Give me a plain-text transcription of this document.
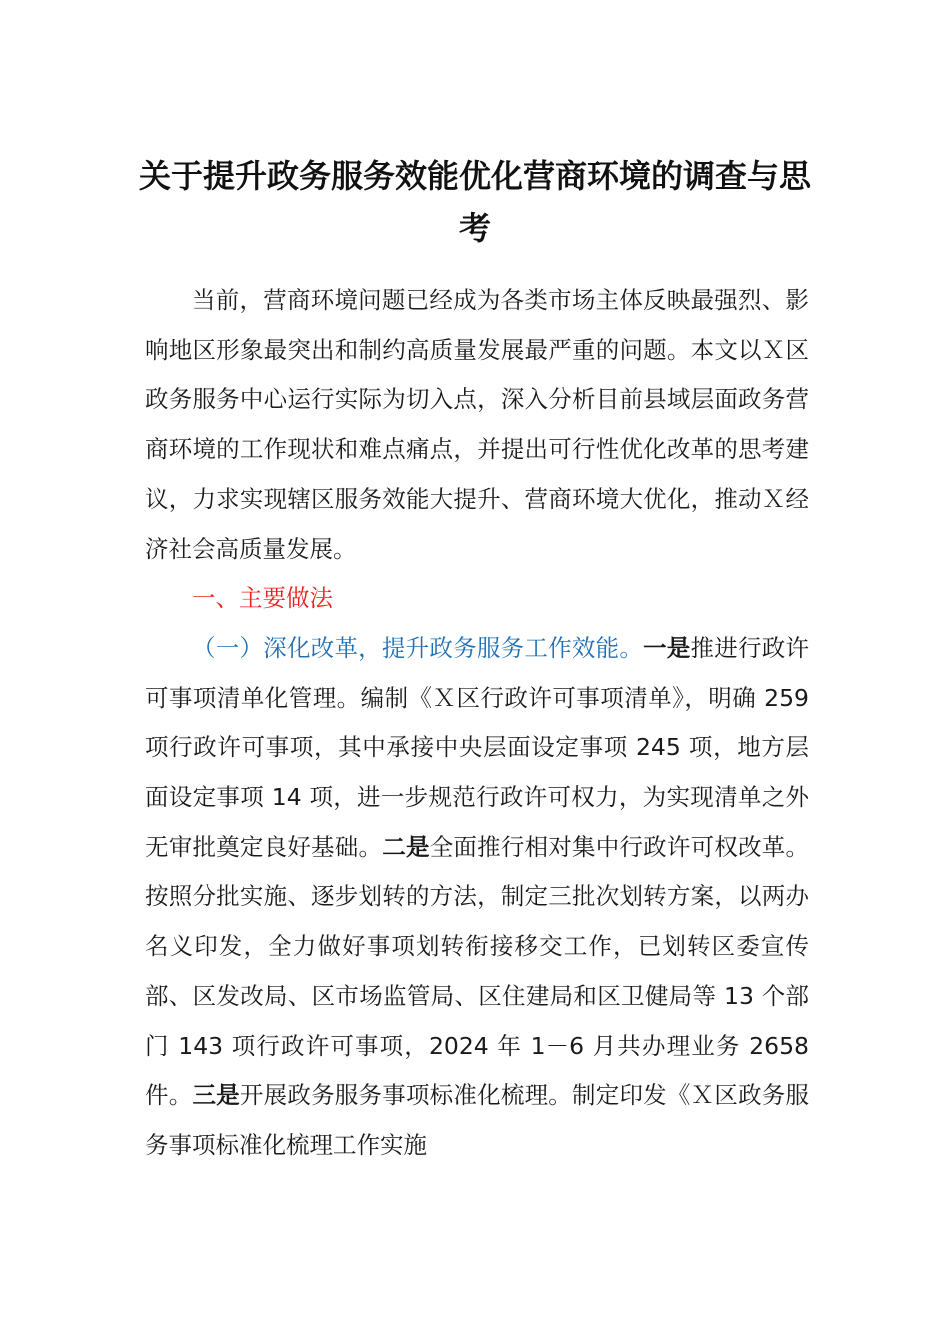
关于提升政务服务效能优化营商环境的调查与思考

当前，营商环境问题已经成为各类市场主体反映最强烈、影响地区形象最突出和制约高质量发展最严重的问题。本文以Ｘ区政务服务中心运行实际为切入点，深入分析目前县域层面政务营商环境的工作现状和难点痛点，并提出可行性优化改革的思考建议，力求实现辖区服务效能大提升、营商环境大优化，推动Ｘ经济社会高质量发展。

一、主要做法

（一）深化改革，提升政务服务工作效能。一是推进行政许可事项清单化管理。编制《Ｘ区行政许可事项清单》，明确 259 项行政许可事项，其中承接中央层面设定事项 245 项，地方层面设定事项 14 项，进一步规范行政许可权力，为实现清单之外无审批奠定良好基础。二是全面推行相对集中行政许可权改革。按照分批实施、逐步划转的方法，制定三批次划转方案，以两办名义印发，全力做好事项划转衔接移交工作，已划转区委宣传部、区发改局、区市场监管局、区住建局和区卫健局等 13 个部门 143 项行政许可事项，2024 年 1－6 月共办理业务 2658 件。三是开展政务服务事项标准化梳理。制定印发《Ｘ区政务服务事项标准化梳理工作实施
